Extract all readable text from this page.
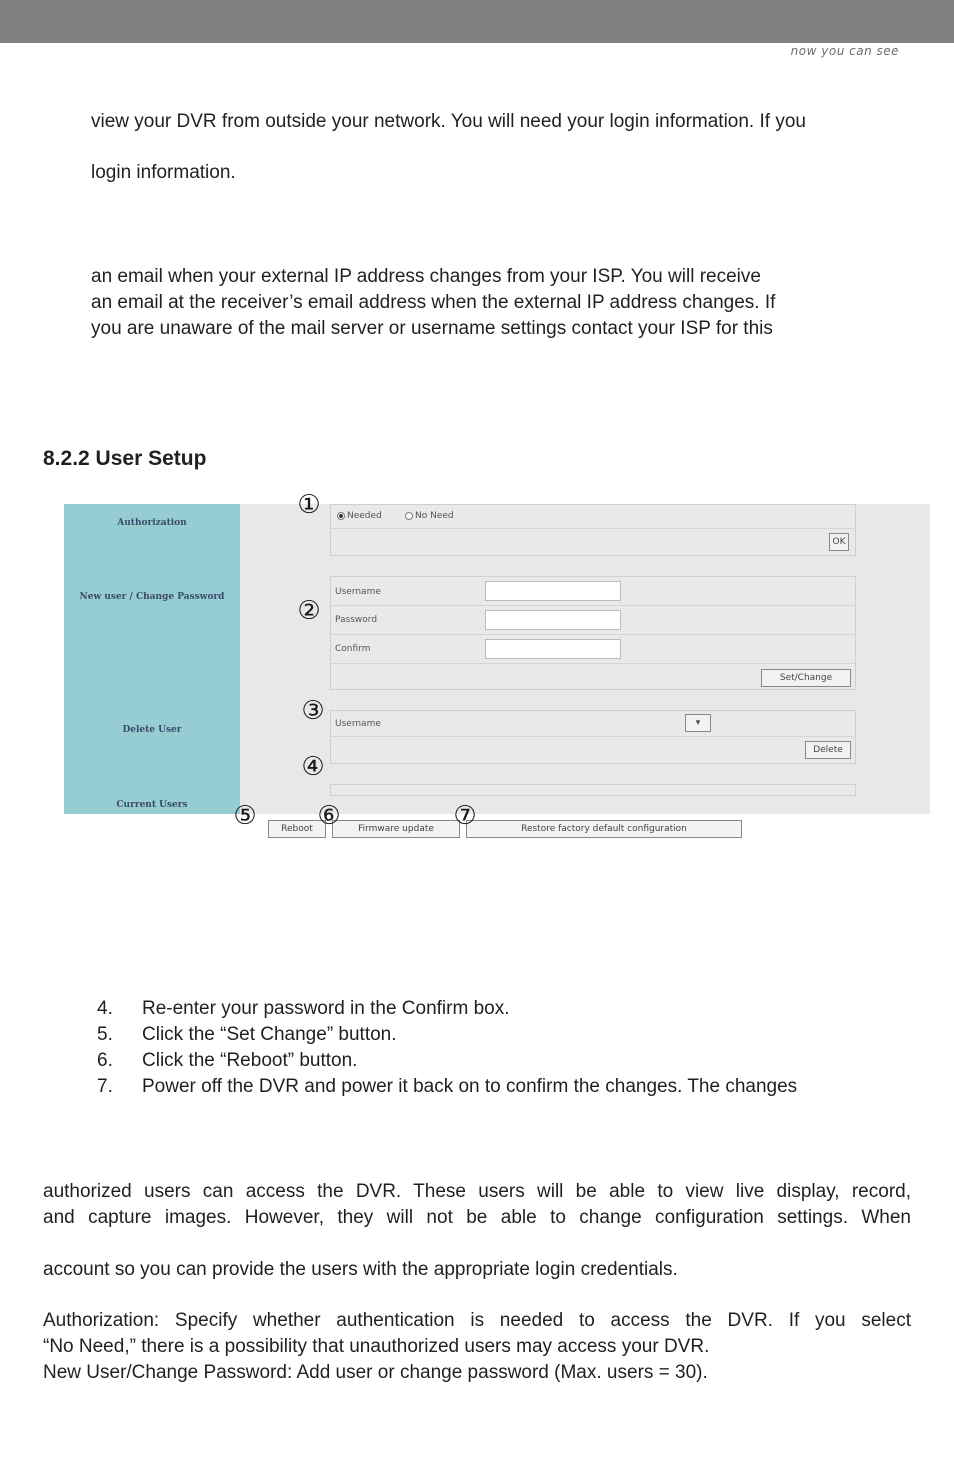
now you can see
view your DVR from outside your network. You will need your login information. If you
login information.
an email when your external IP address changes from your ISP. You will receive
an email at the receiver’s email address when the external IP address changes. If
you are unaware of the mail server or username settings contact your ISP for this
8.2.2 User Setup
Authorization
New user / Change Password
Delete User
Current Users
Needed	No Need
OK
Username
Password
Confirm
Set/Change
Username	▾
Delete
Reboot	Firmware update	Restore factory default configuration
①
②
③
④
⑤ ⑥	⑦
4. Re-enter your password in the Confirm box.
5. Click the “Set Change” button.
6. Click the “Reboot” button.
7. Power off the DVR and power it back on to confirm the changes. The changes
authorized users can access the DVR. These users will be able to view live display, record,
and capture images. However, they will not be able to change configuration settings. When
account so you can provide the users with the appropriate login credentials.
Authorization: Specify whether authentication is needed to access the DVR. If you select
“No Need,” there is a possibility that unauthorized users may access your DVR.
New User/Change Password: Add user or change password (Max. users = 30).
